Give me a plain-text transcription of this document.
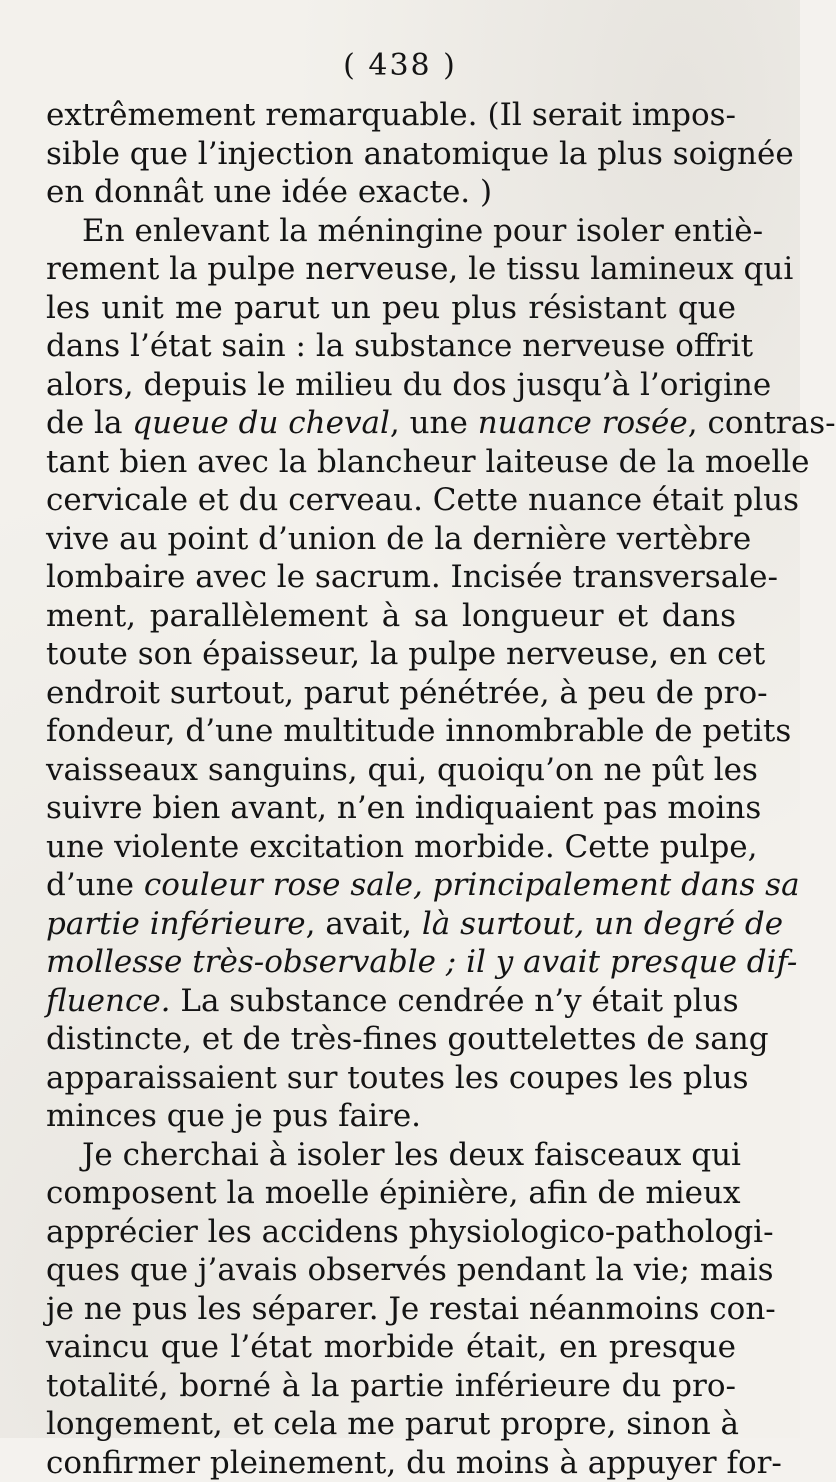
( 438 )
extrêmement remarquable. (Il serait impos-
sible que l’injection anatomique la plus soignée
en donnât une idée exacte. )
En enlevant la méningine pour isoler entiè-
rement la pulpe nerveuse, le tissu lamineux qui
les unit me parut un peu plus résistant que
dans l’état sain : la substance nerveuse offrit
alors, depuis le milieu du dos jusqu’à l’origine
de la queue du cheval, une nuance rosée, contras-
tant bien avec la blancheur laiteuse de la moelle
cervicale et du cerveau. Cette nuance était plus
vive au point d’union de la dernière vertèbre
lombaire avec le sacrum. Incisée transversale-
ment, parallèlement à sa longueur et dans
toute son épaisseur, la pulpe nerveuse, en cet
endroit surtout, parut pénétrée, à peu de pro-
fondeur, d’une multitude innombrable de petits
vaisseaux sanguins, qui, quoiqu’on ne pût les
suivre bien avant, n’en indiquaient pas moins
une violente excitation morbide. Cette pulpe,
d’une couleur rose sale, principalement dans sa
partie inférieure, avait, là surtout, un degré de
mollesse très-observable ; il y avait presque dif-
fluence. La substance cendrée n’y était plus
distincte, et de très-fines gouttelettes de sang
apparaissaient sur toutes les coupes les plus
minces que je pus faire.
Je cherchai à isoler les deux faisceaux qui
composent la moelle épinière, afin de mieux
apprécier les accidens physiologico-pathologi-
ques que j’avais observés pendant la vie; mais
je ne pus les séparer. Je restai néanmoins con-
vaincu que l’état morbide était, en presque
totalité, borné à la partie inférieure du pro-
longement, et cela me parut propre, sinon à
confirmer pleinement, du moins à appuyer for-
